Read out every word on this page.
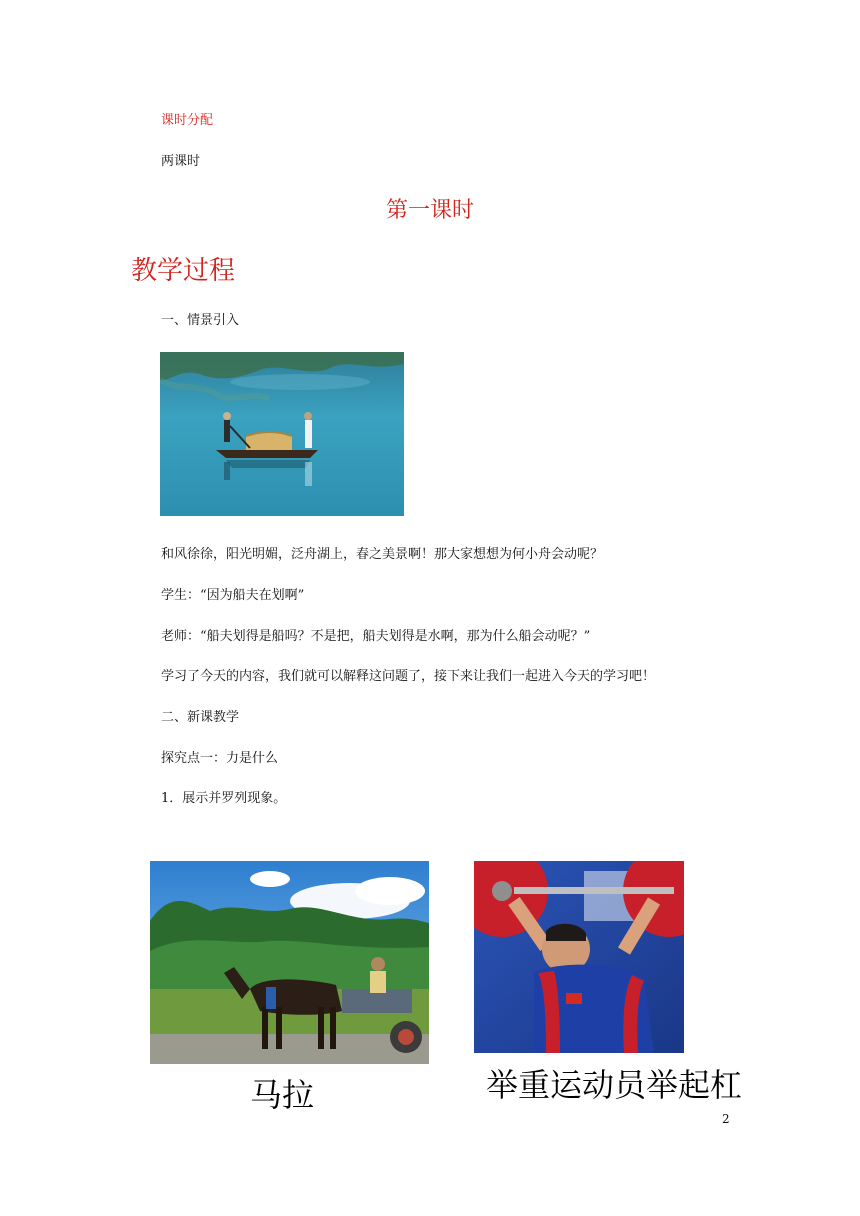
课时分配
两课时
第一课时
教学过程
一、情景引入
和风徐徐，阳光明媚，泛舟湖上，春之美景啊！那大家想想为何小舟会动呢？
学生：“因为船夫在划啊”
老师：“船夫划得是船吗？不是把，船夫划得是水啊，那为什么船会动呢？”
学习了今天的内容，我们就可以解释这问题了，接下来让我们一起进入今天的学习吧！
二、新课教学
探究点一：力是什么
1．展示并罗列现象。
马拉	举重运动员举起杠
2
